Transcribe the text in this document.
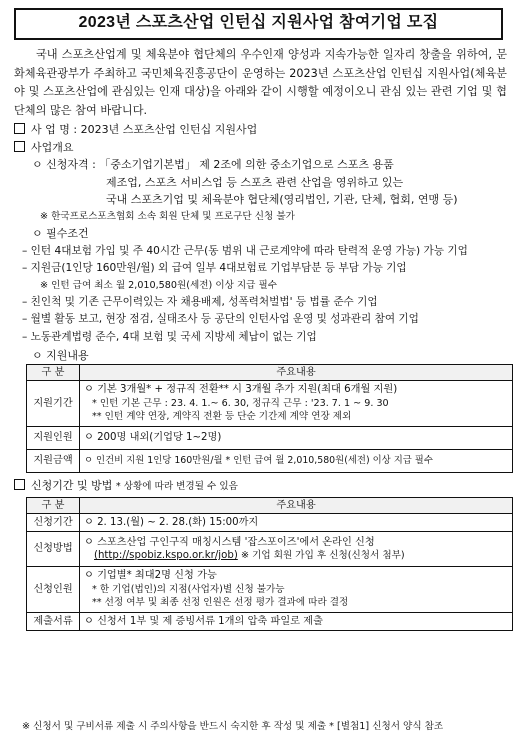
2023년 스포츠산업 인턴십 지원사업 참여기업 모집

국내 스포츠산업계 및 체육분야 협단체의 우수인재 양성과 지속가능한 일자리 창출을 위하여, 문화체육관광부가 주최하고 국민체육진흥공단이 운영하는 2023년 스포츠산업 인턴십 지원사업(체육분야 및 스포츠산업에 관심있는 인재 대상)을 아래와 같이 시행할 예정이오니 관심 있는 관련 기업 및 협단체의 많은 참여 바랍니다.

사 업 명 : 2023년 스포츠산업 인턴십 지원사업
사업개요
ㅇ 신청자격 : 「중소기업기본법」 제 2조에 의한 중소기업으로 스포츠 용품
제조업, 스포츠 서비스업 등 스포츠 관련 산업을 영위하고 있는
국내 스포츠기업 및 체육분야 협단체(영리법인, 기관, 단체, 협회, 연맹 등)
※ 한국프로스포츠협회 소속 회원 단체 및 프로구단 신청 불가
ㅇ 필수조건
– 인턴 4대보험 가입 및 주 40시간 근무(동 범위 내 근로계약에 따라 탄력적 운영 가능) 가능 기업
– 지원금(1인당 160만원/월) 외 급여 일부 4대보험료 기업부담분 등 부담 가능 기업
※ 인턴 급여 최소 월 2,010,580원(세전) 이상 지급 필수
– 친인척 및 기존 근무이력있는 자 채용배제, 성폭력처벌법' 등 법률 준수 기업
– 월별 활동 보고, 현장 점검, 실태조사 등 공단의 인턴사업 운영 및 성과관리 참여 기업
– 노동관계법령 준수, 4대 보험 및 국세 지방세 체납이 없는 기업
ㅇ 지원내용
구 분	주요내용
지원기간	ㅇ 기본 3개월* + 정규직 전환** 시 3개월 추가 지원(최대 6개월 지원)
* 인턴 기본 근무 : 23. 4. 1.~ 6. 30, 정규직 근무 : '23. 7. 1 ~ 9. 30
** 인턴 계약 연장, 계약직 전환 등 단순 기간제 계약 연장 제외

지원인원	ㅇ 200명 내외(기업당 1~2명)
지원금액	ㅇ 인건비 지원 1인당 160만원/월 * 인턴 급여 월 2,010,580원(세전) 이상 지급 필수
신청기간 및 방법 * 상황에 따라 변경될 수 있음
구 분	주요내용
신청기간	ㅇ 2. 13.(월) ~ 2. 28.(화) 15:00까지
신청방법	ㅇ 스포츠산업 구인구직 매칭시스템 '잡스포이즈'에서 온라인 신청
(http://spobiz.kspo.or.kr/job) ※ 기업 회원 가입 후 신청(신청서 첨부)

신청인원	ㅇ 기업별* 최대2명 신청 가능
* 한 기업(법인)의 지점(사업자)별 신청 불가능
** 선정 여부 및 최종 선정 인원은 선정 평가 결과에 따라 결정

제출서류	ㅇ 신청서 1부 및 제 증빙서류 1개의 압축 파일로 제출
※ 신청서 및 구비서류 제출 시 주의사항을 반드시 숙지한 후 작성 및 제출 * [별첨1] 신청서 양식 참조
